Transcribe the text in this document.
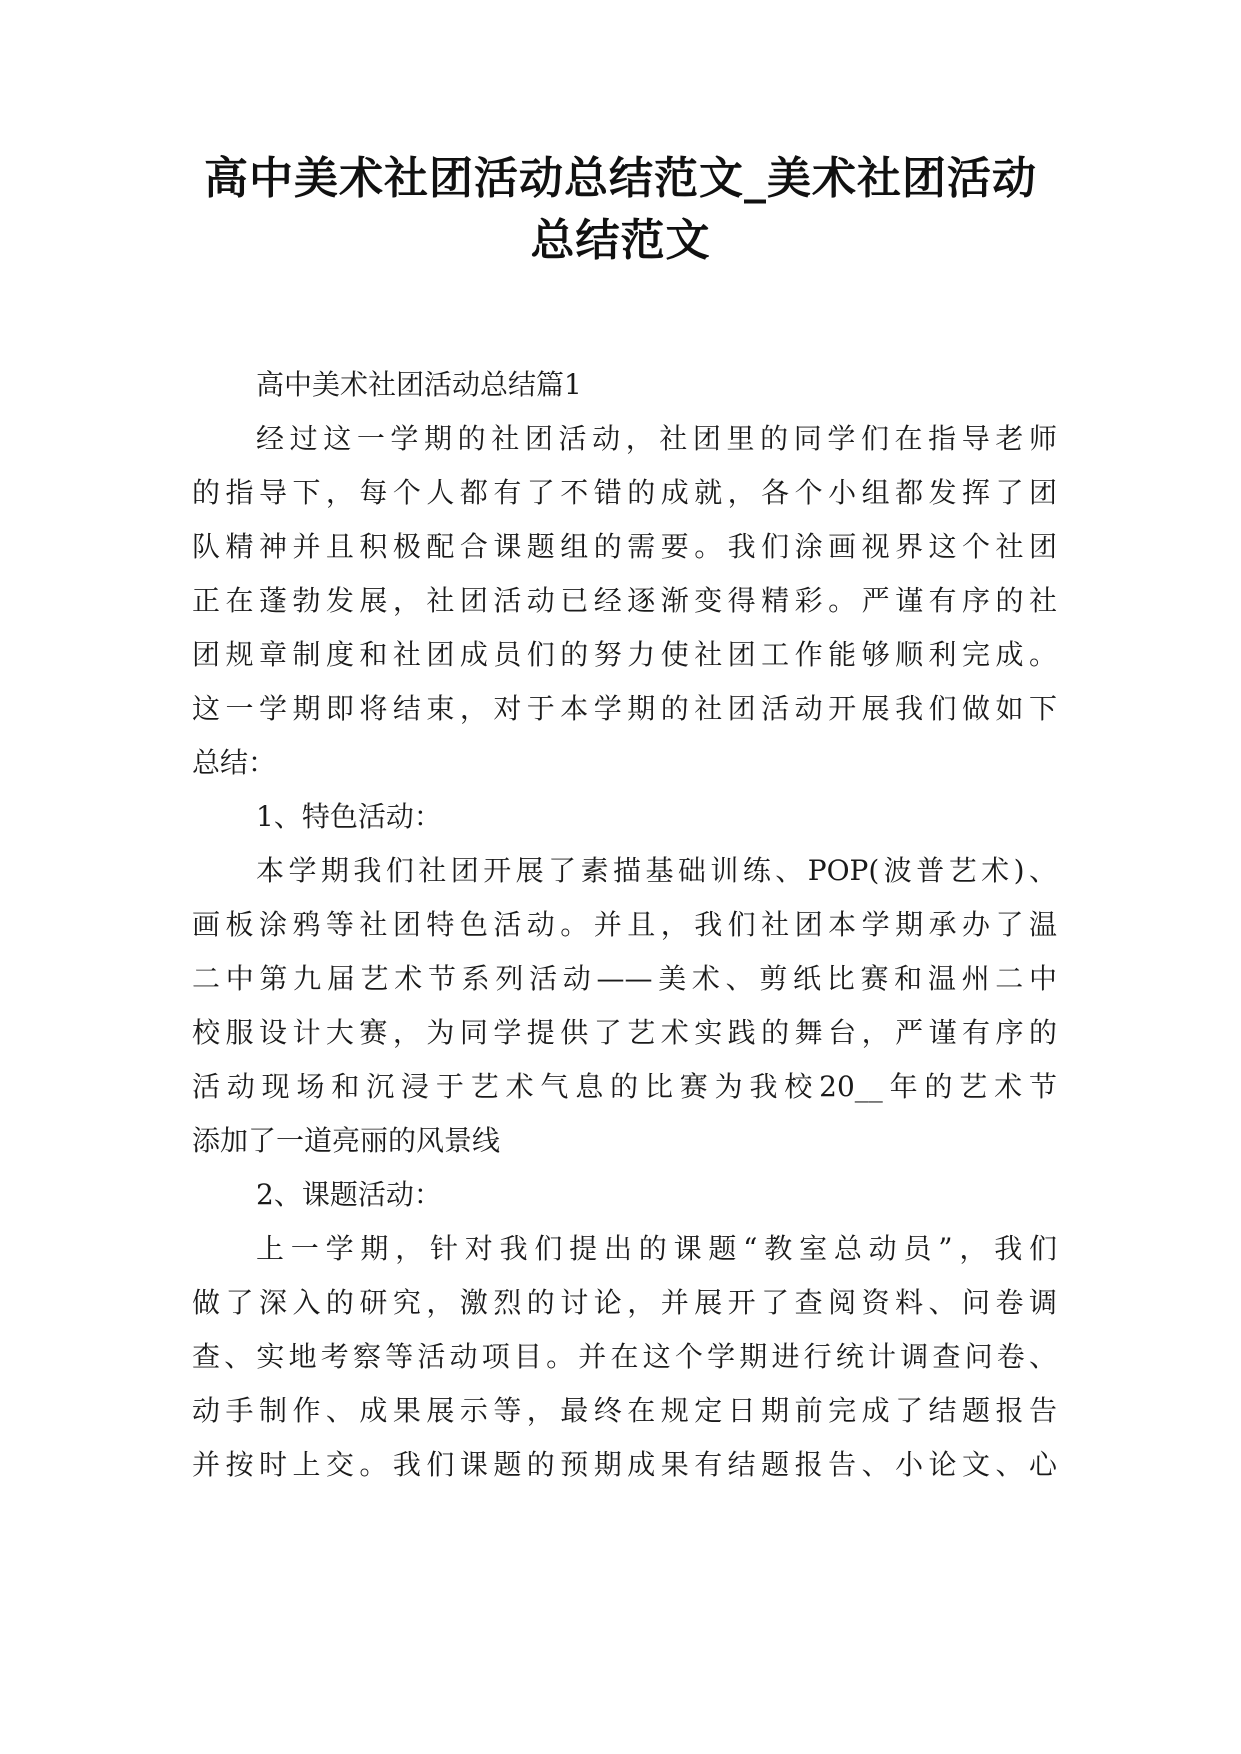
高中美术社团活动总结范文_美术社团活动
总结范文
高中美术社团活动总结篇1
经过这一学期的社团活动，社团里的同学们在指导老师
的指导下，每个人都有了不错的成就，各个小组都发挥了团
队精神并且积极配合课题组的需要。我们涂画视界这个社团
正在蓬勃发展，社团活动已经逐渐变得精彩。严谨有序的社
团规章制度和社团成员们的努力使社团工作能够顺利完成。
这一学期即将结束，对于本学期的社团活动开展我们做如下
总结：
1、特色活动：
本学期我们社团开展了素描基础训练、POP(波普艺术)、
画板涂鸦等社团特色活动。并且，我们社团本学期承办了温
二中第九届艺术节系列活动——美术、剪纸比赛和温州二中
校服设计大赛，为同学提供了艺术实践的舞台，严谨有序的
活动现场和沉浸于艺术气息的比赛为我校20__年的艺术节
添加了一道亮丽的风景线
2、课题活动：
上一学期，针对我们提出的课题“教室总动员”，我们
做了深入的研究，激烈的讨论，并展开了查阅资料、问卷调
查、实地考察等活动项目。并在这个学期进行统计调查问卷、
动手制作、成果展示等，最终在规定日期前完成了结题报告
并按时上交。我们课题的预期成果有结题报告、小论文、心
